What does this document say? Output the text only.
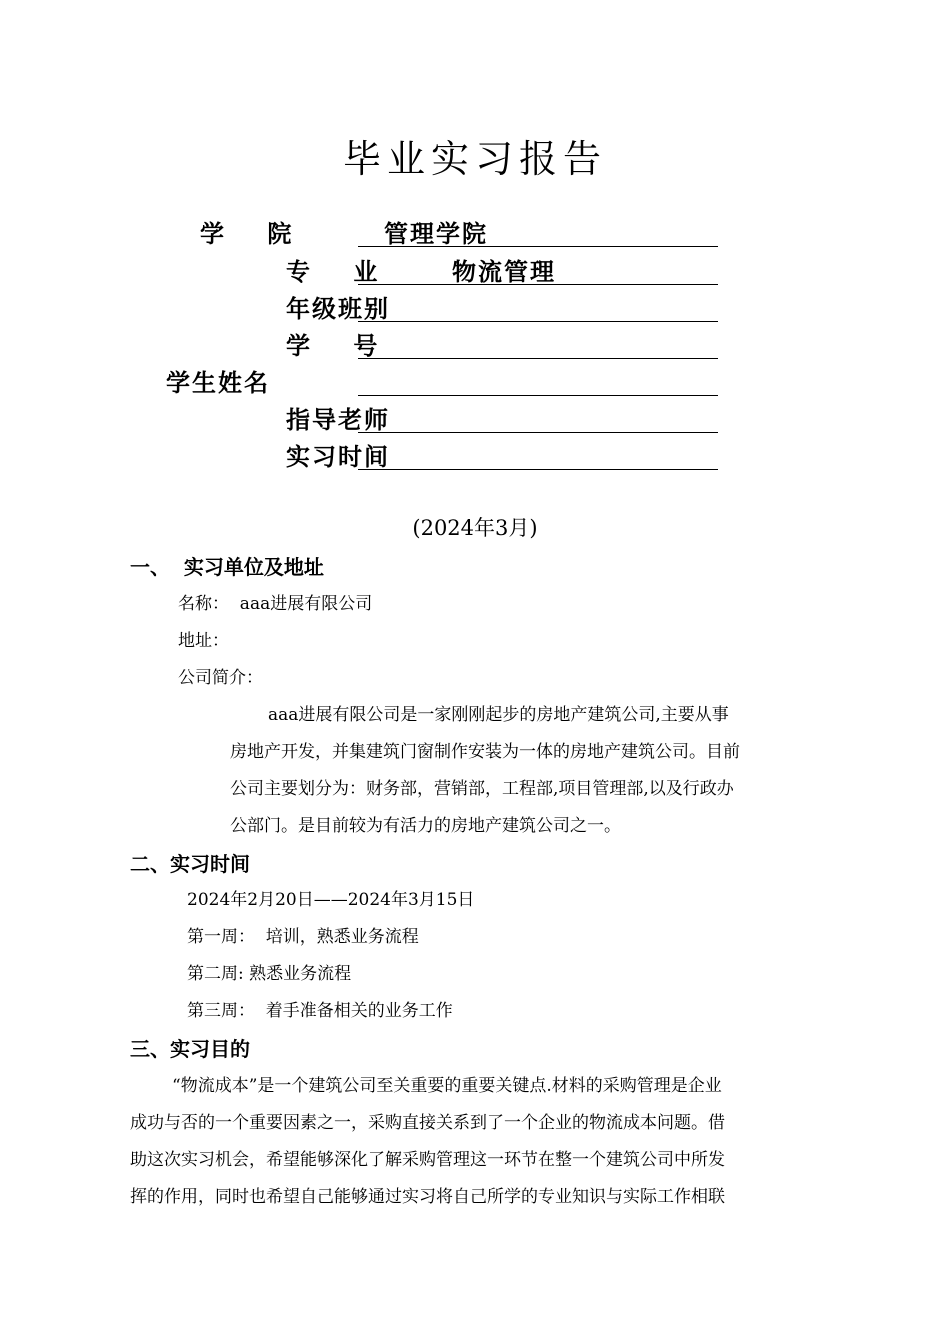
毕业实习报告
学    院	管理学院
专    业	物流管理
年级班别
学    号
学生姓名
指导老师
实习时间
(2024年3月)
一、  实习单位及地址
名称：  aaa进展有限公司
地址：
公司简介：
aaa进展有限公司是一家刚刚起步的房地产建筑公司,主要从事
房地产开发，并集建筑门窗制作安装为一体的房地产建筑公司。目前
公司主要划分为：财务部，营销部，工程部,项目管理部,以及行政办
公部门。是目前较为有活力的房地产建筑公司之一。
二、实习时间
2024年2月20日——2024年3月15日
第一周：  培训，熟悉业务流程
第二周: 熟悉业务流程
第三周：  着手准备相关的业务工作
三、实习目的
“物流成本”是一个建筑公司至关重要的重要关键点.材料的采购管理是企业
成功与否的一个重要因素之一，采购直接关系到了一个企业的物流成本问题。借
助这次实习机会，希望能够深化了解采购管理这一环节在整一个建筑公司中所发
挥的作用，同时也希望自己能够通过实习将自己所学的专业知识与实际工作相联
